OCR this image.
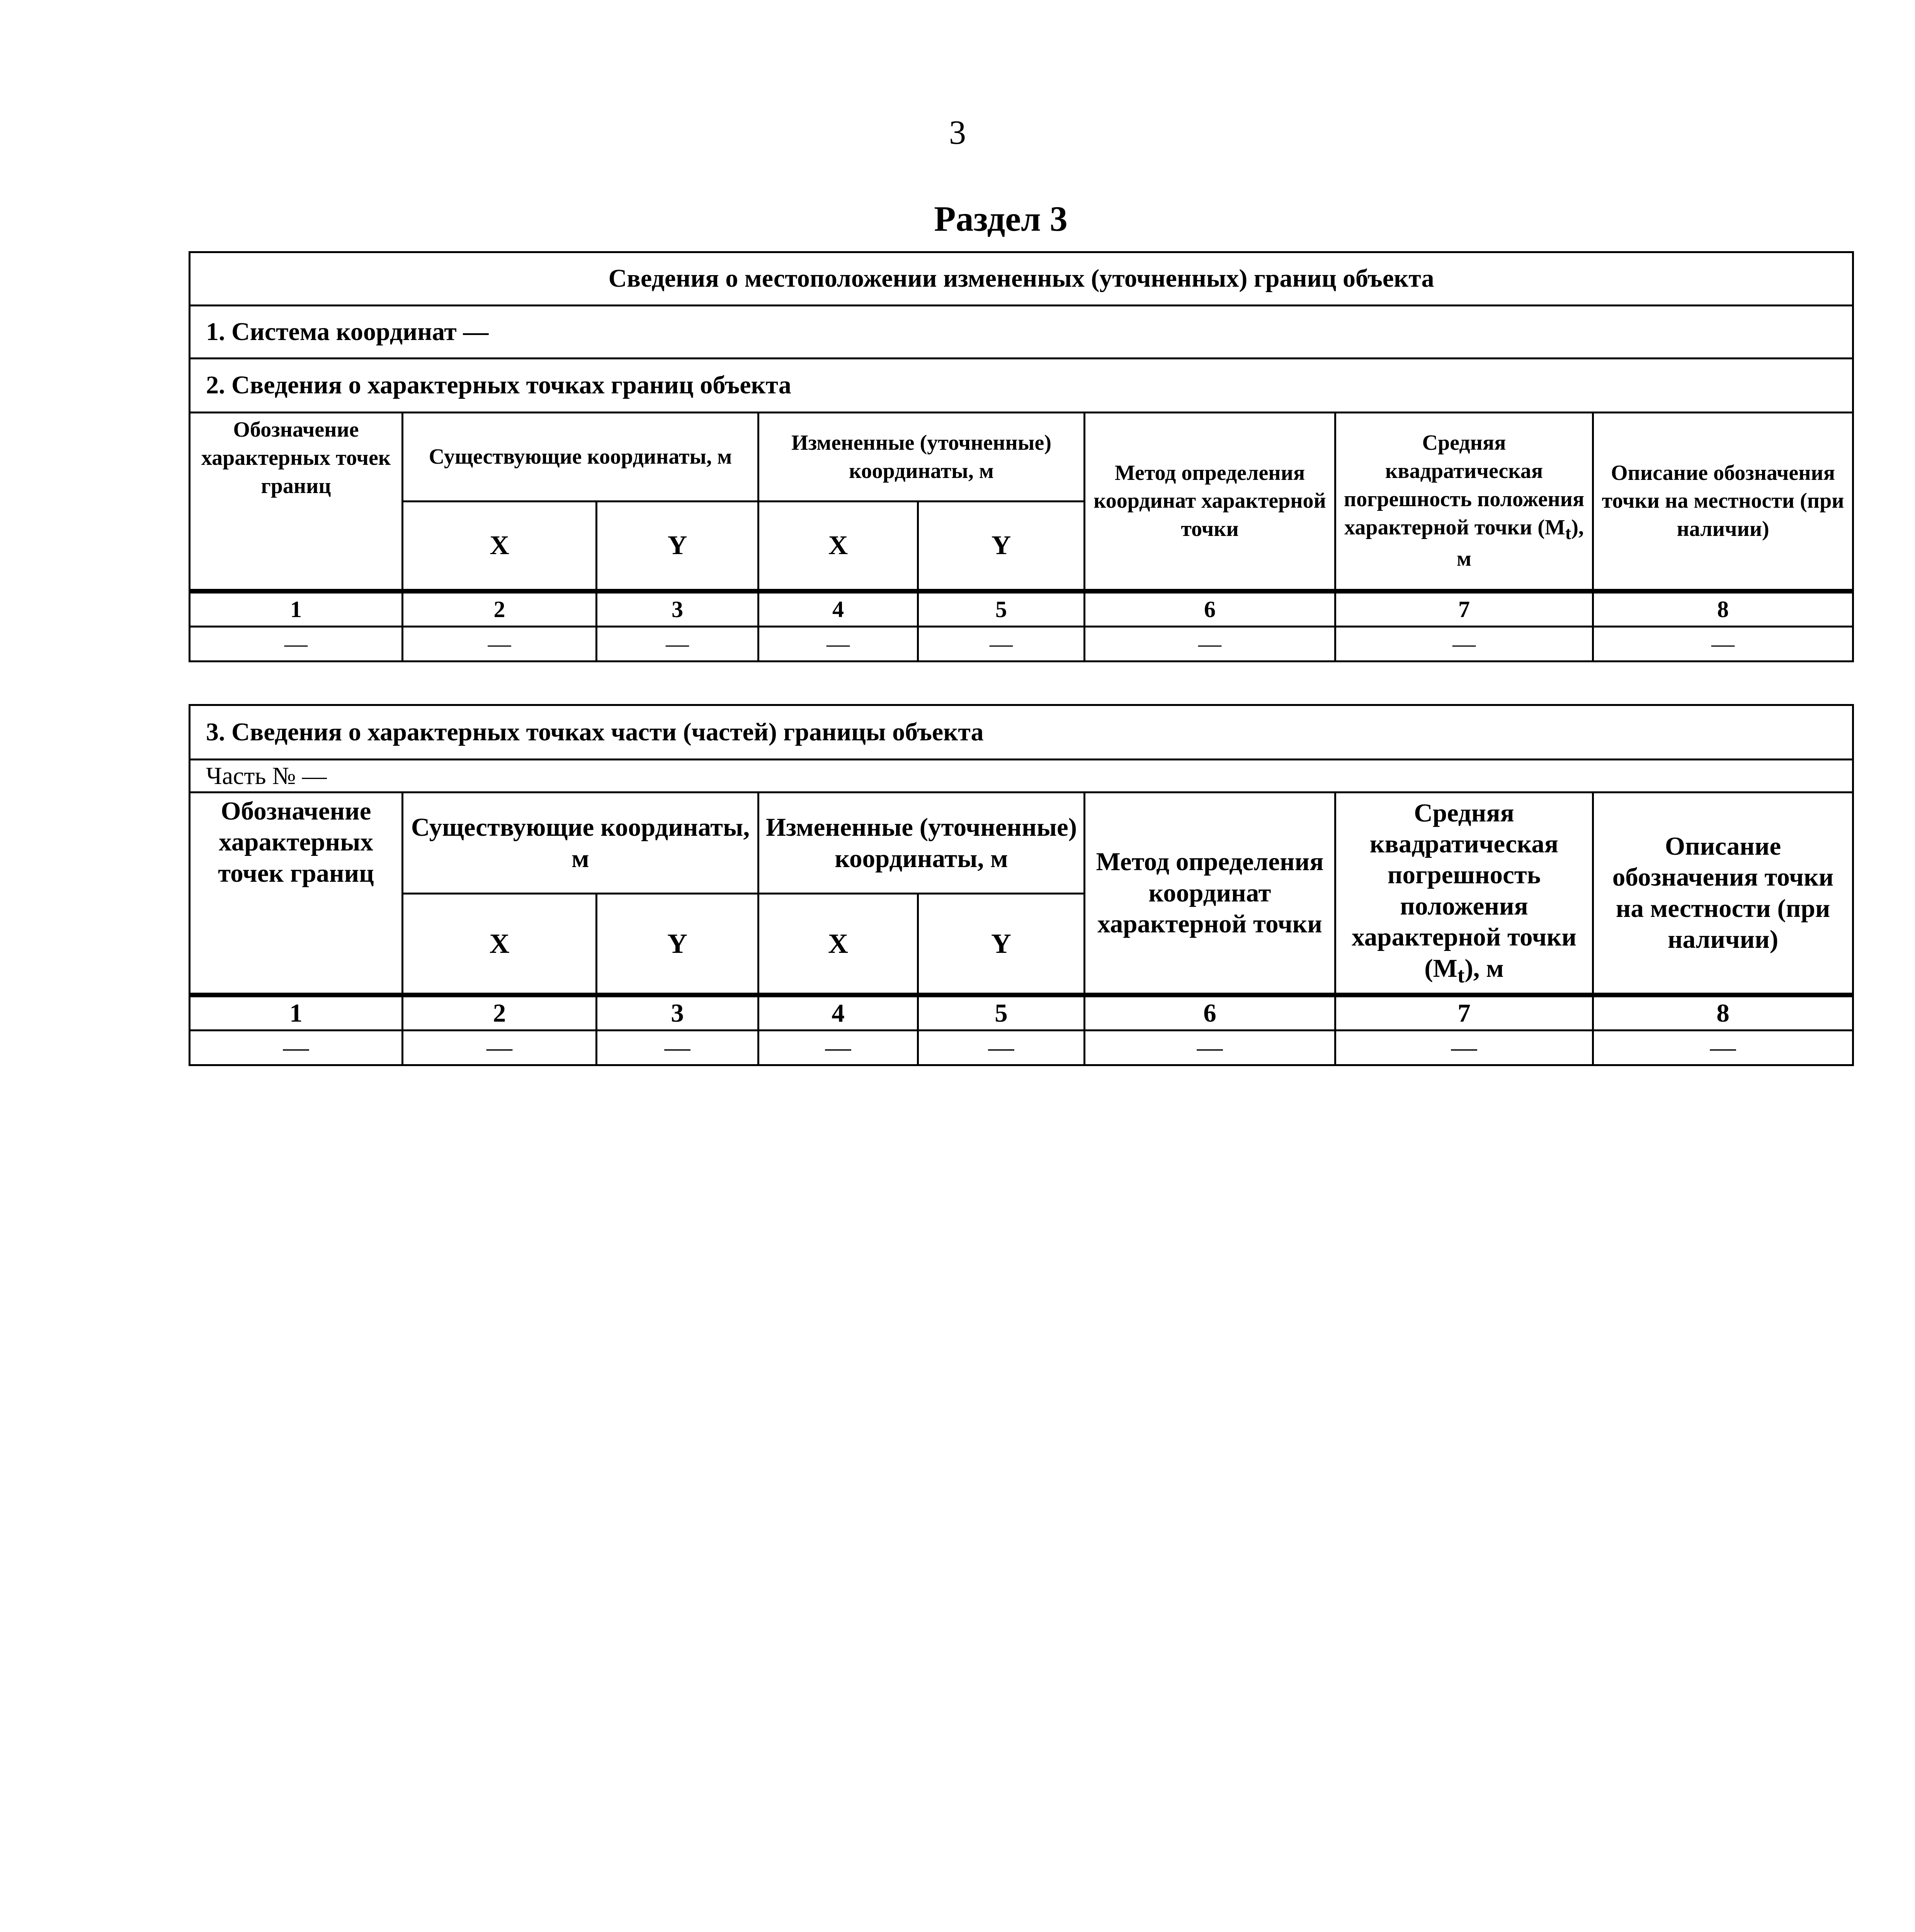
3
Раздел 3
Сведения о местоположении измененных (уточненных) границ объекта							
1. Система координат —							
2. Сведения о характерных точках границ объекта							
Обозначение характерных точек границ	Существующие координаты, м		Измененные (уточненные) координаты, м		Метод определения координат характерной точки	Средняя квадратическая погрешность положения характерной точки $(M_t)$, м	Описание обозначения точки на местности (при наличии)
	X	Y	X	Y			
1	2	3	4	5	6	7	8
—	—	—	—	—	—	—	—
3. Сведения о характерных точках части (частей) границы объекта							
Часть № —							
Обозначение характерных точек границ	Существующие координаты, м		Измененные (уточненные) координаты, м		Метод определения координат характерной точки	Средняя квадратическая погрешность положения характерной точки $(M_t)$, м	Описание обозначения точки на местности (при наличии)
	X	Y	X	Y			
1	2	3	4	5	6	7	8
—	—	—	—	—	—	—	—
